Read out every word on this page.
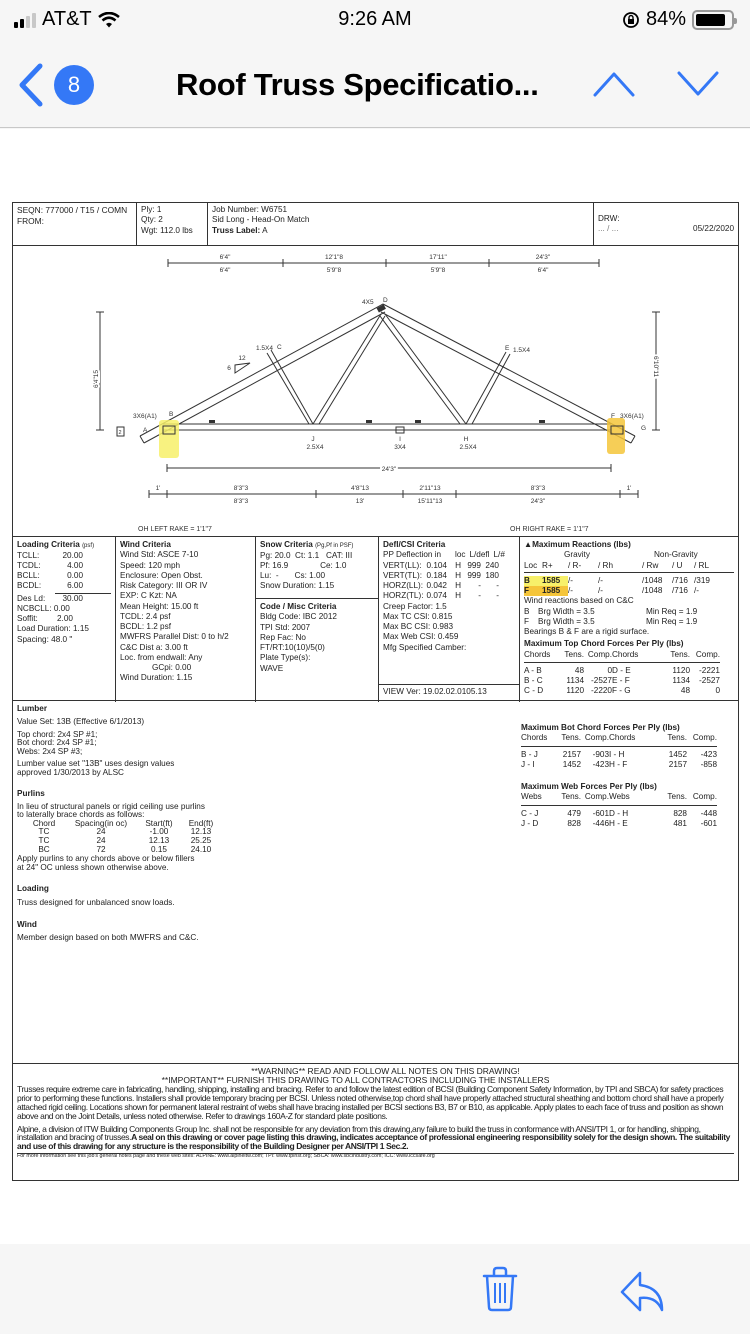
AT&T	9:26 AM	84%
8	Roof Truss Specificatio...
SEQN: 777000 / T15 / COMN
FROM:
Ply: 1
Qty: 2
Wgt: 112.0 lbs
Job Number: W6751
Sid Long - Head-On Match
Truss Label: A
DRW:
... / ...	05/22/2020
6'4"
6'4"
12'1"8
5'9"8
17'11"
5'9"8
24'3"
6'4"
24'3"
1'	8'3"3
8'3"3
4'8"13
13'
2'11"13
15'11"13
8'3"3
24'3"
1'
12
6
2
J	I	H
2.5X4	3X4	2.5X4
A
B
3X6(A1)
C
1.5X4
D
4X5
E 1.5X4
F 3X6(A1)
G
OH LEFT RAKE = 1'1"7	OH RIGHT RAKE = 1'1"7
6'4"15
6'10"11
Loading Criteria (psf)
TCLL:	20.00
TCDL:	4.00
BCLL:	0.00
BCDL:	6.00
Des Ld:	30.00
NCBCLL: 0.00
Soffit:	2.00
Load Duration: 1.15
Spacing: 48.0 "
Wind Criteria
Wind Std: ASCE 7-10
Speed: 120 mph
Enclosure: Open Obst.
Risk Category: III OR IV
EXP: C Kzt: NA
Mean Height: 15.00 ft
TCDL: 2.4 psf
BCDL: 1.2 psf
MWFRS Parallel Dist: 0 to h/2
C&C Dist a: 3.00 ft
Loc. from endwall: Any
GCpi: 0.00
Wind Duration: 1.15
Snow Criteria (Pg,Pf in PSF)
Pg: 20.0  Ct: 1.1   CAT: III
Pf: 16.9              Ce: 1.0
Lu:  -       Cs: 1.00
Snow Duration: 1.15
Code / Misc Criteria
Bldg Code: IBC 2012
TPI Std: 2007
Rep Fac: No
FT/RT:10(10)/5(0)
Plate Type(s):
WAVE
Defl/CSI Criteria
PP Deflection in	loc L/defl L/#
VERT(LL): 0.104 H 999 240
VERT(TL): 0.184 H 999 180
HORZ(LL): 0.042 H	-	-
HORZ(TL): 0.074 H	-	-
Creep Factor: 1.5
Max TC CSI: 0.815
Max BC CSI: 0.983
Max Web CSI: 0.459
Mfg Specified Camber:
VIEW Ver: 19.02.02.0105.13
▲Maximum Reactions (lbs)
Gravity	Non-Gravity
Loc R+	/ R-	/ Rh	/ Rw	/ U	/ RL
B	1585 /-	/-	/1048	/716 /319
F	1585 /-	/-	/1048	/716 /-
Wind reactions based on C&C
B	Brg Width = 3.5	Min Req = 1.9
F	Brg Width = 3.5	Min Req = 1.9
Bearings B & F are a rigid surface.
Maximum Top Chord Forces Per Ply (lbs)
Chords	Tens. Comp. Chords	Tens. Comp.
A - B	48	0 D - E	1120	-2221
B - C	1134 -2527 E - F	1134	-2527
C - D	1120 -2220 F - G	48	0
Lumber
Value Set: 13B (Effective 6/1/2013)
Top chord: 2x4 SP #1;
Bot chord: 2x4 SP #1;
Webs: 2x4 SP #3;
Lumber value set "13B" uses design values
approved 1/30/2013 by ALSC
Purlins
In lieu of structural panels or rigid ceiling use purlins
to laterally brace chords as follows:
Chord	Spacing(in oc)	Start(ft)	End(ft)
TC	24	-1.00	12.13
TC	24	12.13	25.25
BC	72	0.15	24.10
Apply purlins to any chords above or below fillers
at 24" OC unless shown otherwise above.
Loading
Truss designed for unbalanced snow loads.
Wind
Member design based on both MWFRS and C&C.
Maximum Bot Chord Forces Per Ply (lbs)
Chords	Tens. Comp. Chords	Tens. Comp.
B - J	2157	-903 I - H	1452	-423
J - I	1452	-423 H - F	2157	-858
Maximum Web Forces Per Ply (lbs)
Webs	Tens. Comp. Webs	Tens. Comp.
C - J	479	-601 D - H	828	-448
J - D	828	-446 H - E	481	-601
**WARNING** READ AND FOLLOW ALL NOTES ON THIS DRAWING!
**IMPORTANT** FURNISH THIS DRAWING TO ALL CONTRACTORS INCLUDING THE INSTALLERS
Trusses require extreme care in fabricating, handling, shipping, installing and bracing. Refer to and follow the latest edition of BCSI (Building Component Safety Information, by TPI and SBCA) for safety practices prior to performing these functions. Installers shall provide temporary bracing per BCSI. Unless noted otherwise,top chord shall have properly attached structural sheathing and bottom chord shall have a properly attached rigid ceiling. Locations shown for permanent lateral restraint of webs shall have bracing installed per BCSI sections B3, B7 or B10, as applicable. Apply plates to each face of truss and position as shown above and on the Joint Details, unless noted otherwise. Refer to drawings 160A-Z for standard plate positions.
Alpine, a division of ITW Building Components Group Inc. shall not be responsible for any deviation from this drawing,any failure to build the truss in conformance with ANSI/TPI 1, or for handling, shipping, installation and bracing of trusses.A seal on this drawing or cover page listing this drawing, indicates acceptance of professional engineering responsibility solely for the design shown. The suitability and use of this drawing for any structure is the responsibility of the Building Designer per ANSI/TPI 1 Sec.2.
For more information see this job's general notes page and these web sites: ALPINE: www.alpineitw.com; TPI: www.tpinst.org; SBCA: www.sbcindustry.com; ICC: www.iccsafe.org
